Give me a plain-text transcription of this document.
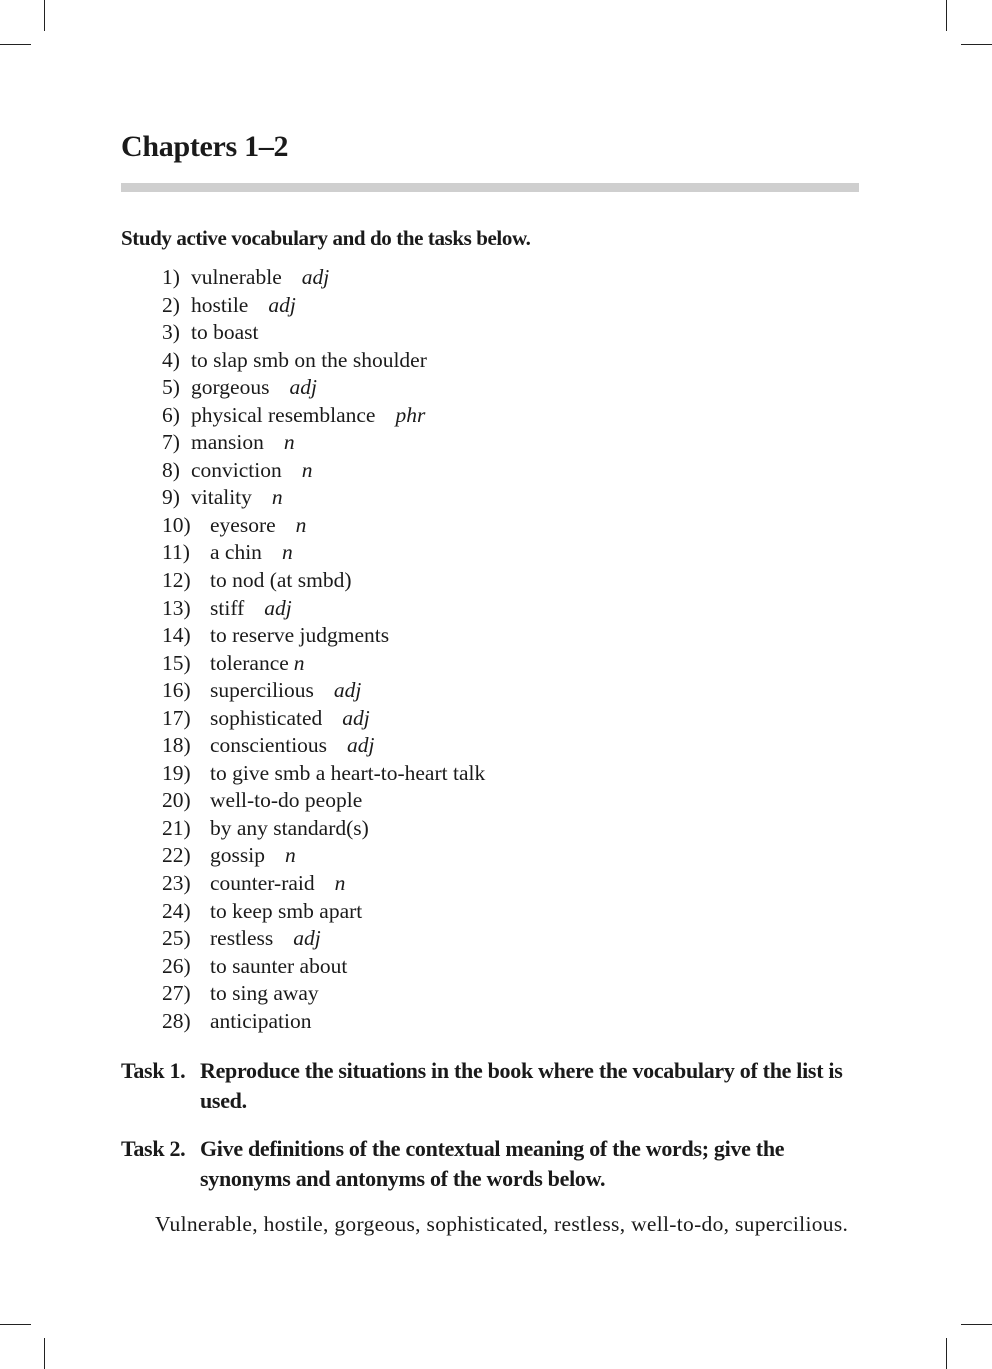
Chapters 1–2
Study active vocabulary and do the tasks below.
1) vulnerable adj
2) hostile adj
3) to boast
4) to slap smb on the shoulder
5) gorgeous adj
6) physical resemblance phr
7) mansion n
8) conviction n
9) vitality n
10) eyesore n
11) a chin n
12) to nod (at smbd)
13) stiff adj
14) to reserve judgments
15) tolerance n
16) supercilious adj
17) sophisticated adj
18) conscientious adj
19) to give smb a heart-to-heart talk
20) well-to-do people
21) by any standard(s)
22) gossip n
23) counter-raid n
24) to keep smb apart
25) restless adj
26) to saunter about
27) to sing away
28) anticipation
Task 1. Reproduce the situations in the book where the vocabulary of the list is used.
Task 2. Give definitions of the contextual meaning of the words; give the synonyms and antonyms of the words below.

Vulnerable, hostile, gorgeous, sophisticated, restless, well-to-do, supercilious.
